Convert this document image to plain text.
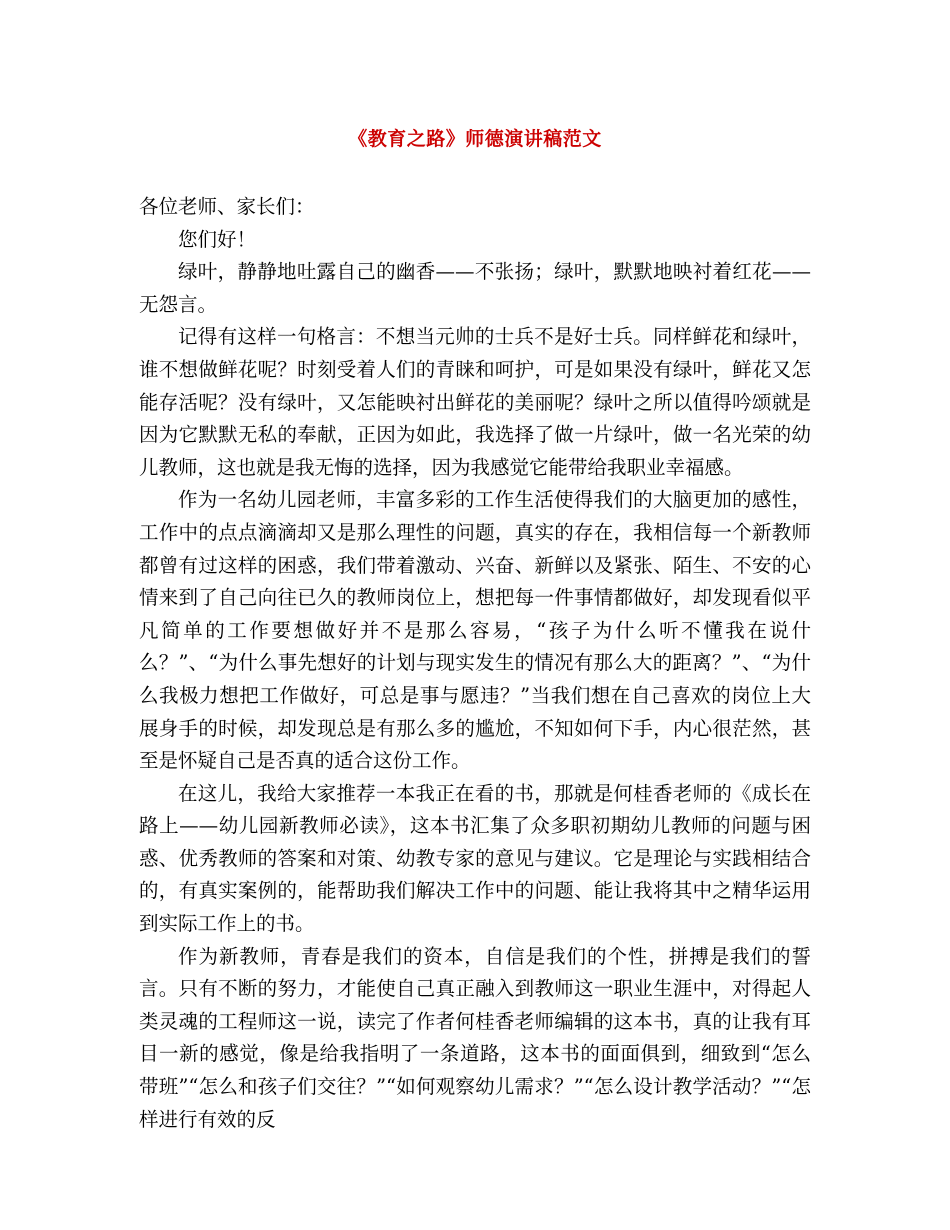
《教育之路》师德演讲稿范文

各位老师、家长们：

您们好！

绿叶，静静地吐露自己的幽香——不张扬；绿叶，默默地映衬着红花——无怨言。

记得有这样一句格言：不想当元帅的士兵不是好士兵。同样鲜花和绿叶，谁不想做鲜花呢？时刻受着人们的青睐和呵护，可是如果没有绿叶，鲜花又怎能存活呢？没有绿叶，又怎能映衬出鲜花的美丽呢？绿叶之所以值得吟颂就是因为它默默无私的奉献，正因为如此，我选择了做一片绿叶，做一名光荣的幼儿教师，这也就是我无悔的选择，因为我感觉它能带给我职业幸福感。

作为一名幼儿园老师，丰富多彩的工作生活使得我们的大脑更加的感性，工作中的点点滴滴却又是那么理性的问题，真实的存在，我相信每一个新教师都曾有过这样的困惑，我们带着激动、兴奋、新鲜以及紧张、陌生、不安的心情来到了自己向往已久的教师岗位上，想把每一件事情都做好，却发现看似平凡简单的工作要想做好并不是那么容易，“孩子为什么听不懂我在说什么？”、“为什么事先想好的计划与现实发生的情况有那么大的距离？”、“为什么我极力想把工作做好，可总是事与愿违？”当我们想在自己喜欢的岗位上大展身手的时候，却发现总是有那么多的尴尬，不知如何下手，内心很茫然，甚至是怀疑自己是否真的适合这份工作。

在这儿，我给大家推荐一本我正在看的书，那就是何桂香老师的《成长在路上——幼儿园新教师必读》，这本书汇集了众多职初期幼儿教师的问题与困惑、优秀教师的答案和对策、幼教专家的意见与建议。它是理论与实践相结合的，有真实案例的，能帮助我们解决工作中的问题、能让我将其中之精华运用到实际工作上的书。

作为新教师，青春是我们的资本，自信是我们的个性，拼搏是我们的誓言。只有不断的努力，才能使自己真正融入到教师这一职业生涯中，对得起人类灵魂的工程师这一说，读完了作者何桂香老师编辑的这本书，真的让我有耳目一新的感觉，像是给我指明了一条道路，这本书的面面俱到，细致到“怎么带班”“怎么和孩子们交往？”“如何观察幼儿需求？”“怎么设计教学活动？”“怎样进行有效的反
